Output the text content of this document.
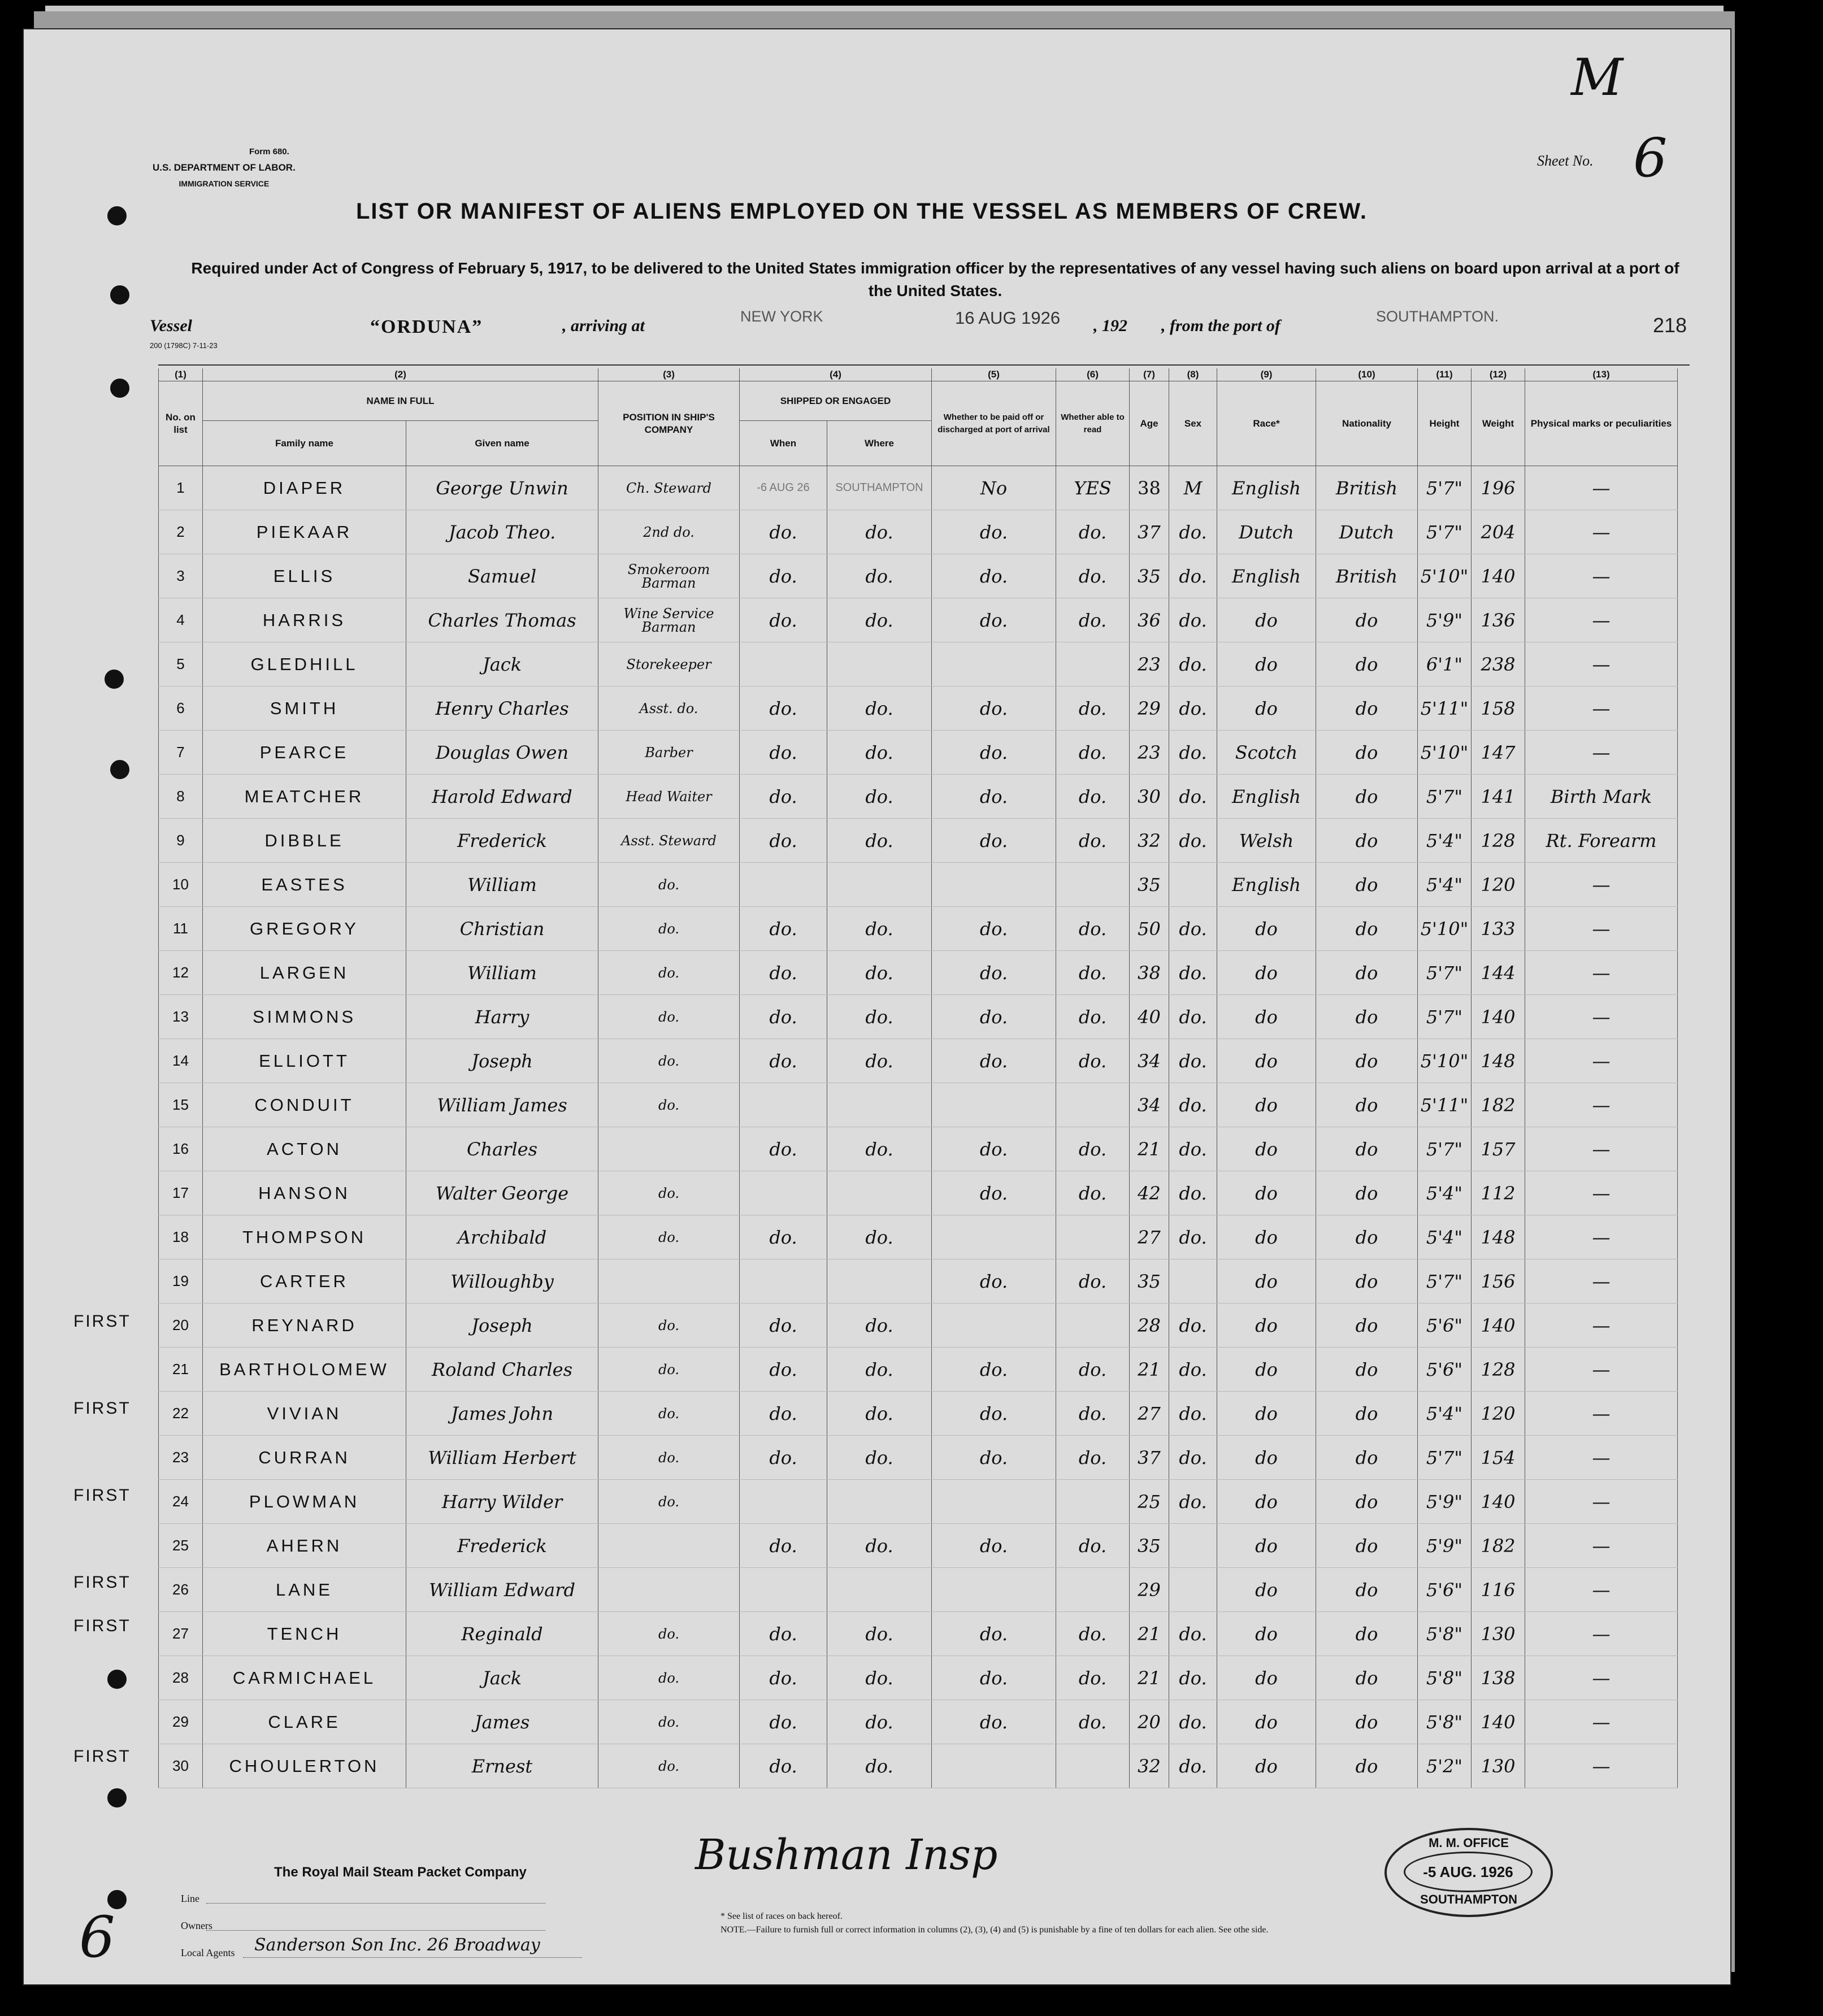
M
Form 680.
U.S. DEPARTMENT OF LABOR.
IMMIGRATION SERVICE
Sheet No. 6
LIST OR MANIFEST OF ALIENS EMPLOYED ON THE VESSEL AS MEMBERS OF CREW.
Required under Act of Congress of February 5, 1917, to be delivered to the United States immigration officer by the representatives of any vessel having such aliens on board upon arrival at a port of the United States.
Vessel	“ORDUNA”	, arriving at	NEW YORK	16 AUG 1926 , 192 , from the port of	SOUTHAMPTON.	218
200 (1798C) 7-11-23
(1)	(2)		(3)	(4)		(5)	(6)	(7)	(8)	(9)	(10)	(11)	(12)	(13)	
No. on list	NAME IN FULL		POSITION IN SHIP'S COMPANY	SHIPPED OR ENGAGED		Whether to be paid off or discharged at port of arrival	Whether able to read	Age	Sex	Race*	Nationality	Height	Weight	Physical marks or peculiarities	
	Family name	Given name		When	Where										
1	DIAPER	George Unwin	Ch. Steward	-6 AUG 26	SOUTHAMPTON	No	YES	38	M	English	British	5'7"	196	—	
2	PIEKAAR	Jacob Theo.	2nd do.	do.	do.	do.	do.	37	do.	Dutch	Dutch	5'7"	204	—	
3	ELLIS	Samuel	Smokeroom Barman	do.	do.	do.	do.	35	do.	English	British	5'10"	140	—	
4	HARRIS	Charles Thomas	Wine Service Barman	do.	do.	do.	do.	36	do.	do	do	5'9"	136	—	
5	GLEDHILL	Jack	Storekeeper					23	do.	do	do	6'1"	238	—	
6	SMITH	Henry Charles	Asst. do.	do.	do.	do.	do.	29	do.	do	do	5'11"	158	—	
7	PEARCE	Douglas Owen	Barber	do.	do.	do.	do.	23	do.	Scotch	do	5'10"	147	—	
8	MEATCHER	Harold Edward	Head Waiter	do.	do.	do.	do.	30	do.	English	do	5'7"	141	Birth Mark	
9	DIBBLE	Frederick	Asst. Steward	do.	do.	do.	do.	32	do.	Welsh	do	5'4"	128	Rt. Forearm	
10	EASTES	William	do.					35		English	do	5'4"	120	—	
11	GREGORY	Christian	do.	do.	do.	do.	do.	50	do.	do	do	5'10"	133	—	
12	LARGEN	William	do.	do.	do.	do.	do.	38	do.	do	do	5'7"	144	—	
13	SIMMONS	Harry	do.	do.	do.	do.	do.	40	do.	do	do	5'7"	140	—	
14	ELLIOTT	Joseph	do.	do.	do.	do.	do.	34	do.	do	do	5'10"	148	—	
15	CONDUIT	William James	do.					34	do.	do	do	5'11"	182	—	
16	ACTON	Charles		do.	do.	do.	do.	21	do.	do	do	5'7"	157	—	
17	HANSON	Walter George	do.			do.	do.	42	do.	do	do	5'4"	112	—	
18	THOMPSON	Archibald	do.	do.	do.			27	do.	do	do	5'4"	148	—	
19	CARTER	Willoughby				do.	do.	35		do	do	5'7"	156	—	
20	REYNARD	Joseph	do.	do.	do.			28	do.	do	do	5'6"	140	—	
21	BARTHOLOMEW	Roland Charles	do.	do.	do.	do.	do.	21	do.	do	do	5'6"	128	—	
22	VIVIAN	James John	do.	do.	do.	do.	do.	27	do.	do	do	5'4"	120	—	
23	CURRAN	William Herbert	do.	do.	do.	do.	do.	37	do.	do	do	5'7"	154	—	
24	PLOWMAN	Harry Wilder	do.					25	do.	do	do	5'9"	140	—	
25	AHERN	Frederick		do.	do.	do.	do.	35		do	do	5'9"	182	—	
26	LANE	William Edward						29		do	do	5'6"	116	—	
27	TENCH	Reginald	do.	do.	do.	do.	do.	21	do.	do	do	5'8"	130	—	
28	CARMICHAEL	Jack	do.	do.	do.	do.	do.	21	do.	do	do	5'8"	138	—	
29	CLARE	James	do.	do.	do.	do.	do.	20	do.	do	do	5'8"	140	—	
30	CHOULERTON	Ernest	do.	do.	do.			32	do.	do	do	5'2"	130	—	
FIRST
FIRST
FIRST
FIRST
FIRST
FIRST
Bushman Insp
The Royal Mail Steam Packet Company
Line
Owners
Local Agents Sanderson Son Inc. 26 Broadway
6	* See list of races on back hereof.
NOTE.—Failure to furnish full or correct information in columns (2), (3), (4) and (5) is punishable by a fine of ten dollars for each alien. See othe side.
M. M. OFFICE
-5 AUG. 1926
SOUTHAMPTON
